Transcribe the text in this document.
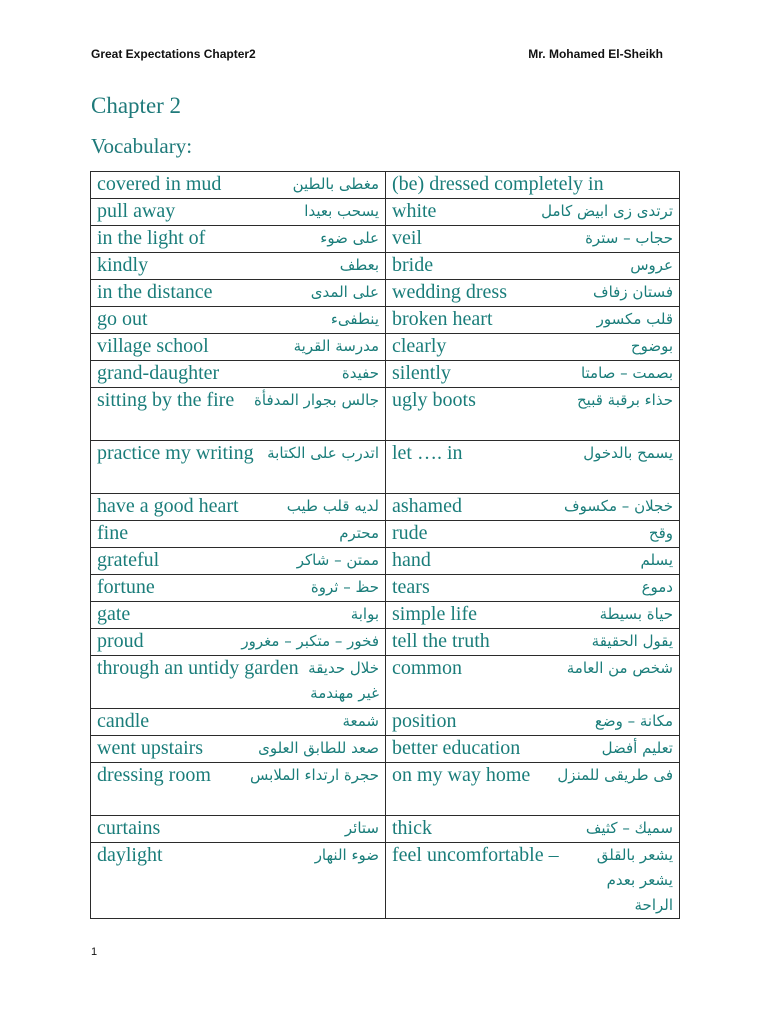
Great Expectations Chapter2	Mr. Mohamed El-Sheikh
Chapter 2
Vocabulary:
covered in mud مغطى بالطين	(be) dressed completely in

pull away يسحب بعيدا	white ترتدى زى ابيض كامل

in the light of على ضوء	veil حجاب – سترة

kindly بعطف	bride عروس

in the distance على المدى	wedding dress فستان زفاف

go out ينطفىء	broken heart قلب مكسور

village school مدرسة القرية	clearly بوضوح

grand-daughter حفيدة	silently بصمت – صامتا

sitting by the fire جالس بجوار المدفأة	ugly boots حذاء برقبة قبيح

practice my writing اتدرب على الكتابة	let …. in يسمح بالدخول

have a good heart لديه قلب طيب	ashamed خجلان – مكسوف

fine محترم	rude وقح

grateful ممتن – شاكر	hand يسلم

fortune حظ – ثروة	tears دموع

gate بوابة	simple life حياة بسيطة

proud فخور – متكبر – مغرور	tell the truth يقول الحقيقة

through an untidy garden خلال حديقة غير مهندمة	common شخص من العامة

candle شمعة	position مكانة – وضع

went upstairs صعد للطابق العلوى	better education تعليم أفضل

dressing room حجرة ارتداء الملابس	on my way home فى طريقى للمنزل

curtains ستائر	thick سميك – كثيف

daylight ضوء النهار	feel uncomfortable – يشعر بالقلق يشعر بعدم الراحة
1
